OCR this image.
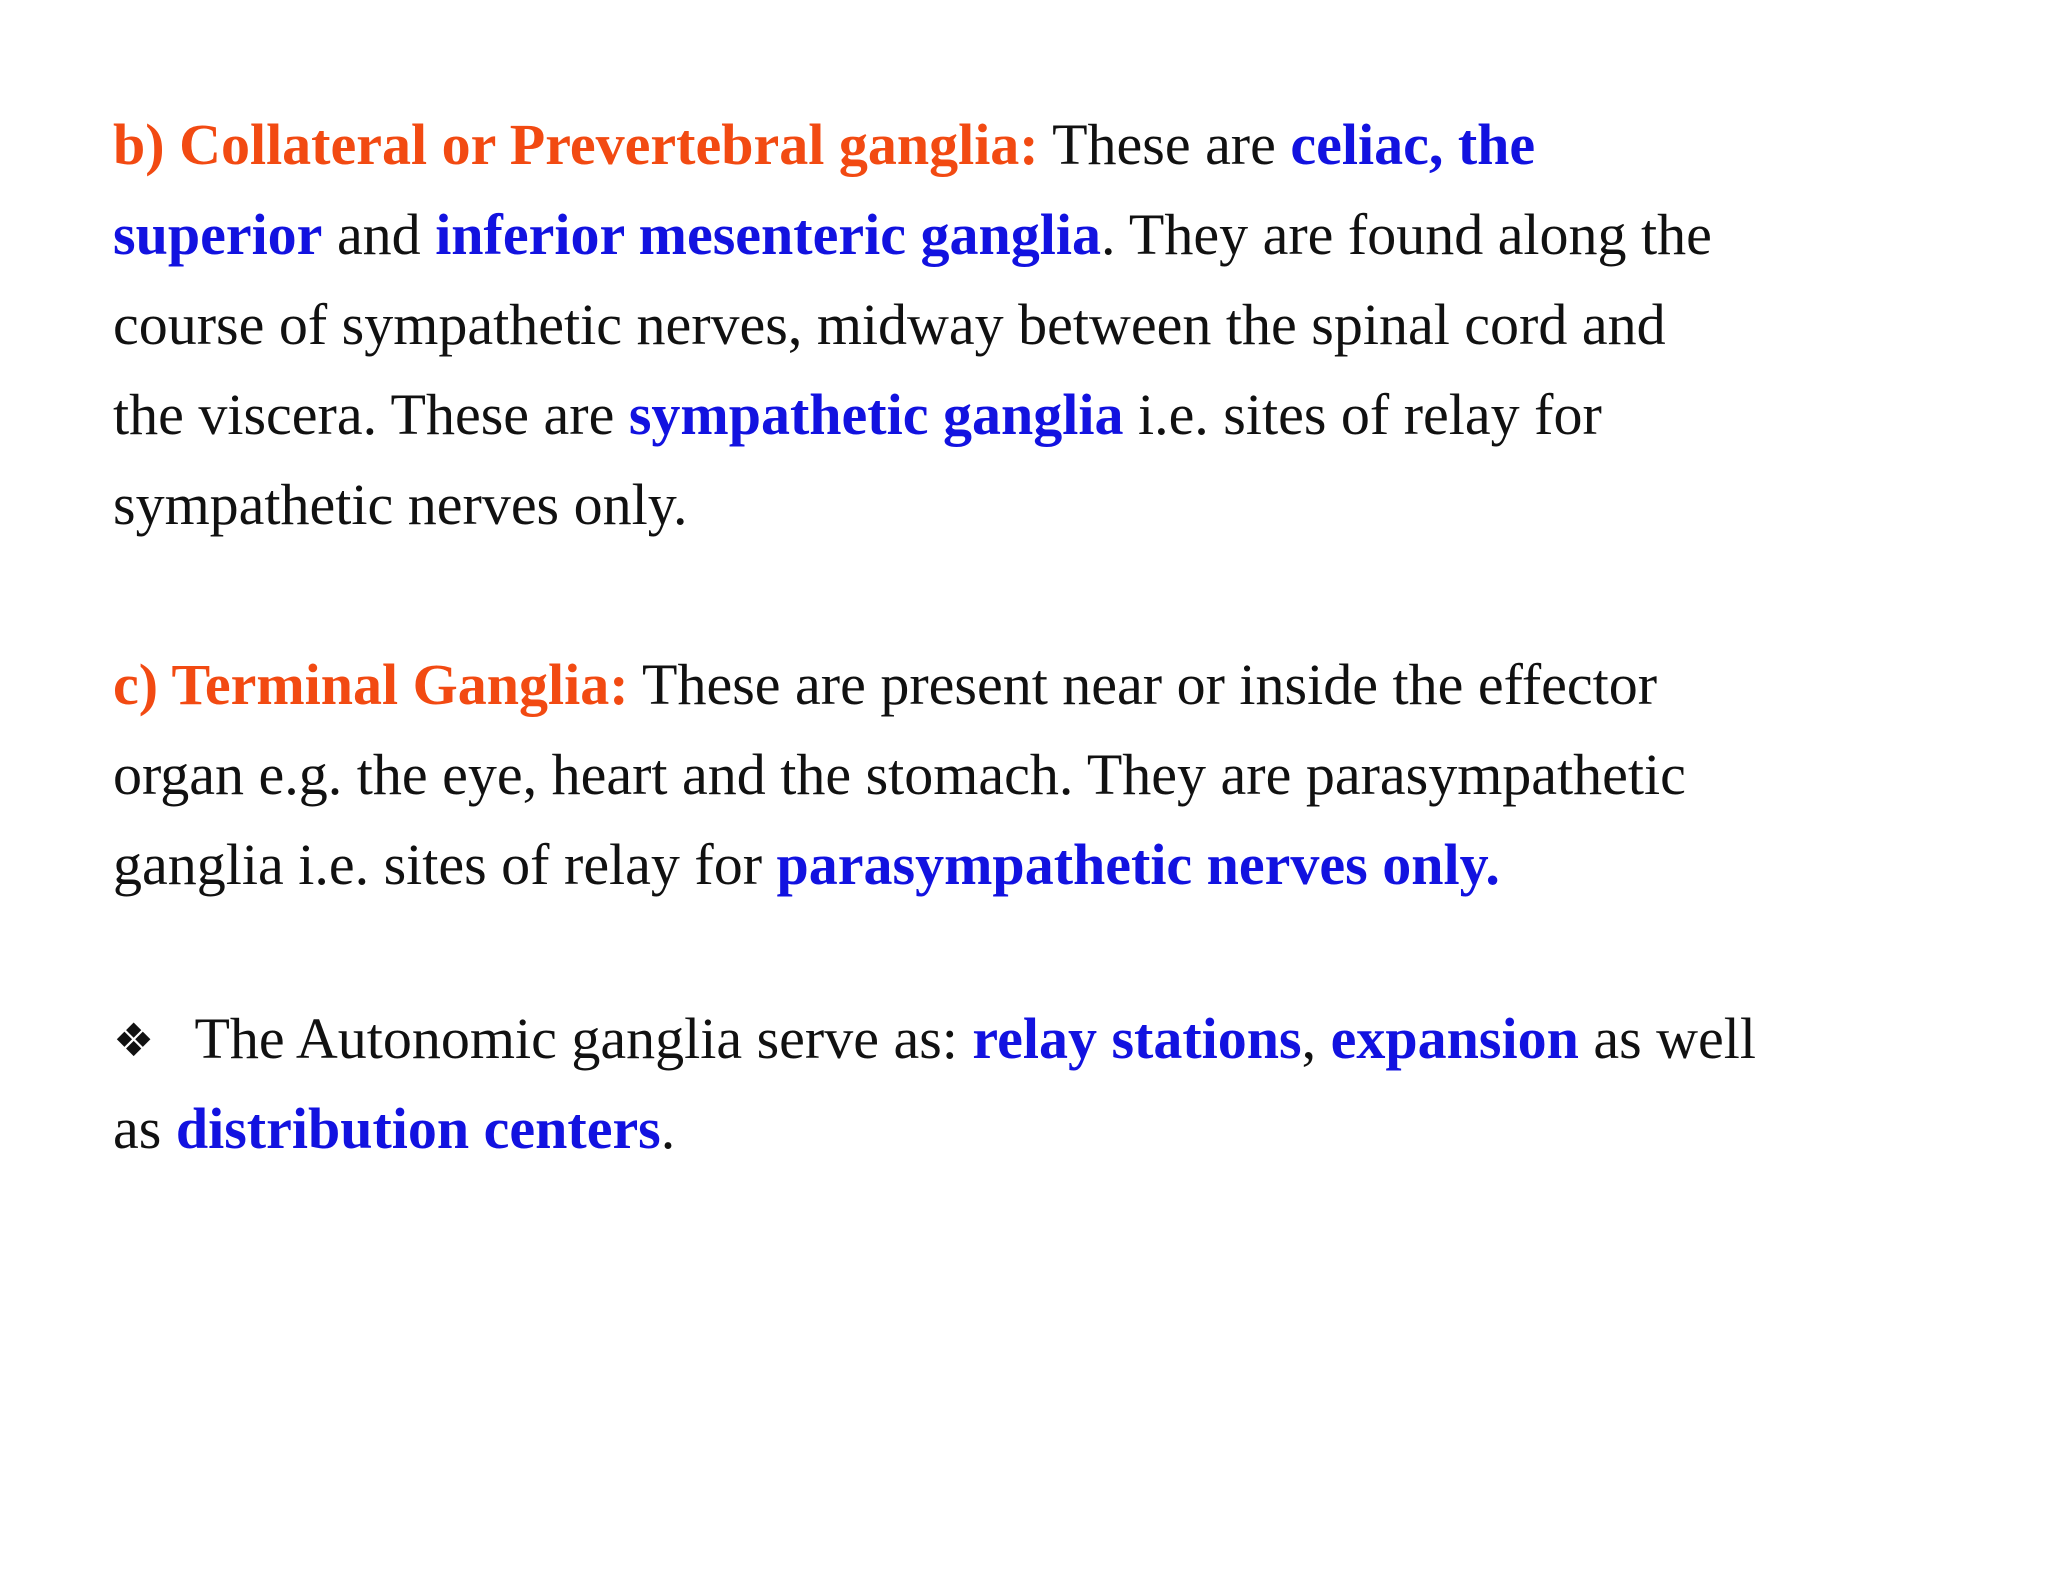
b) Collateral or Prevertebral ganglia: These are celiac, the
superior and inferior mesenteric ganglia. They are found along the
course of sympathetic nerves, midway between the spinal cord and
the viscera. These are sympathetic ganglia i.e. sites of relay for
sympathetic nerves only.
c) Terminal Ganglia: These are present near or inside the effector
organ e.g. the eye, heart and the stomach. They are parasympathetic
ganglia i.e. sites of relay for parasympathetic nerves only.
❖ The Autonomic ganglia serve as: relay stations, expansion as well
as distribution centers.
